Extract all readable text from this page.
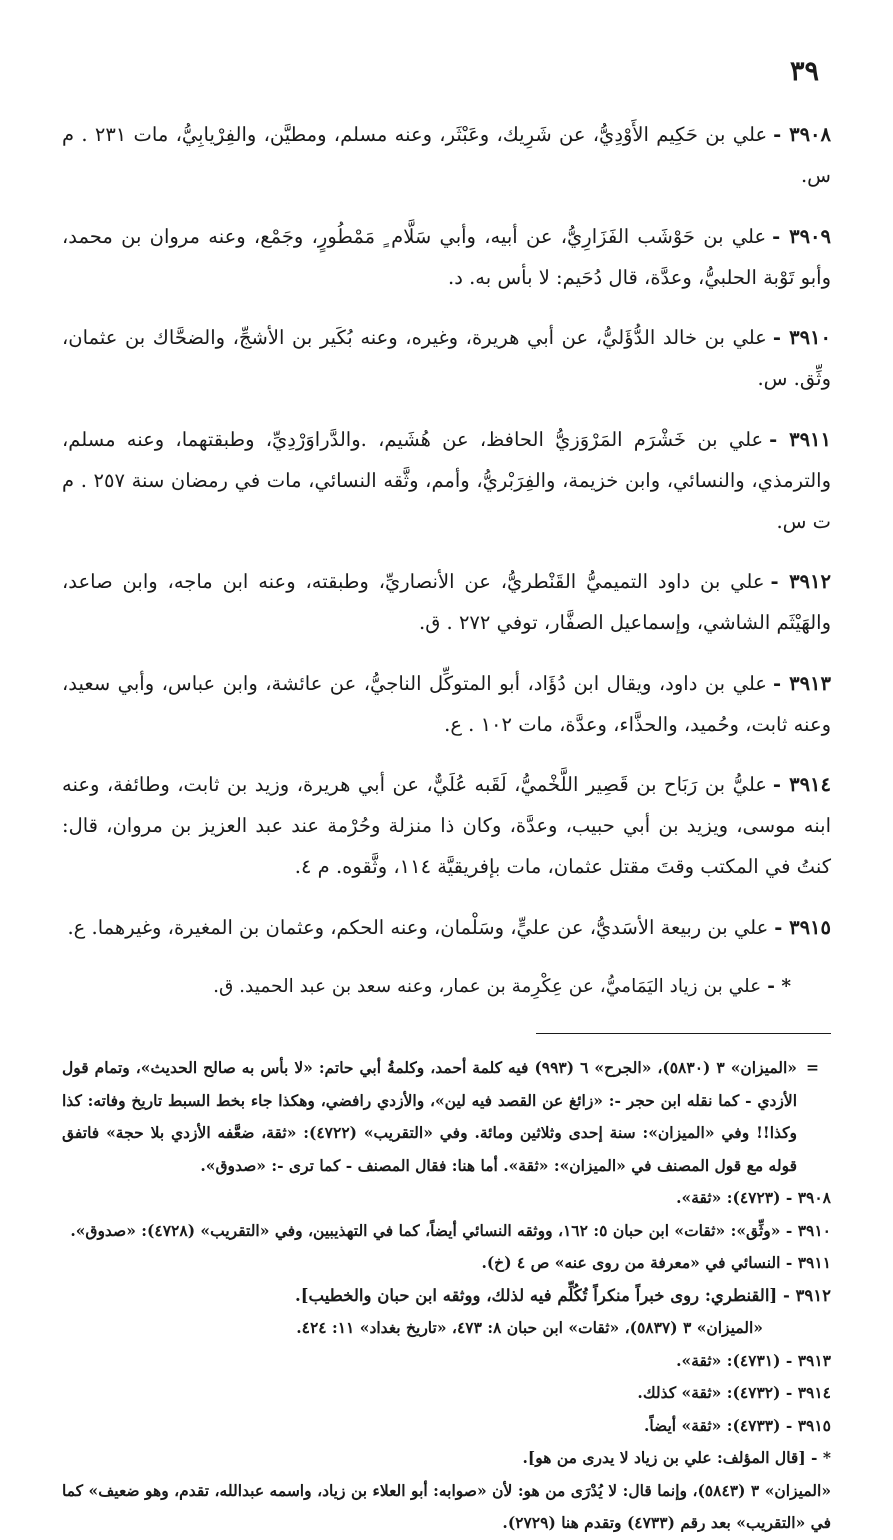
٣٩

٣٩٠٨ -علي بن حَكِيم الأَوْدِيُّ، عن شَرِيك، وعَبْثَر، وعنه مسلم، ومطيَّن، والفِرْيابِيُّ، مات ٢٣١ . م س.

٣٩٠٩ -علي بن حَوْشَب الفَزَارِيُّ، عن أبيه، وأبي سَلَّام ٍ مَمْطُورٍ، وجَمْع، وعنه مروان بن محمد، وأبو تَوْبة الحلبيُّ، وعدَّة، قال دُحَيم: لا بأس به. د.

٣٩١٠ -علي بن خالد الدُّؤَليُّ، عن أبي هريرة، وغيره، وعنه بُكَير بن الأشجِّ، والضحَّاك بن عثمان، وثِّق. س.

٣٩١١ -علي بن خَشْرَم المَرْوَزيُّ الحافظ، عن هُشَيم، .والدَّراوَرْدِيِّ، وطبقتهما، وعنه مسلم، والترمذي، والنسائي، وابن خزيمة، والفِرَبْريُّ، وأمم، وثَّقه النسائي، مات في رمضان سنة ٢٥٧ . م ت س.

٣٩١٢ -علي بن داود التميميُّ القَنْطريُّ، عن الأنصاريِّ، وطبقته، وعنه ابن ماجه، وابن صاعد، والهَيْثَم الشاشي، وإسماعيل الصفَّار، توفي ٢٧٢ . ق.

٣٩١٣ -علي بن داود، ويقال ابن دُؤَاد، أبو المتوكِّل الناجيُّ، عن عائشة، وابن عباس، وأبي سعيد، وعنه ثابت، وحُميد، والحذَّاء، وعدَّة، مات ١٠٢ . ع.

٣٩١٤ -عليُّ بن رَبَاح بن قَصِير اللَّخْميُّ، لَقَبه عُلَيٌّ، عن أبي هريرة، وزيد بن ثابت، وطائفة، وعنه ابنه موسى، ويزيد بن أبي حبيب، وعدَّة، وكان ذا منزلة وحُرْمة عند عبد العزيز بن مروان، قال: كنتُ في المكتب وقتَ مقتل عثمان، مات بإفريقيَّة ١١٤، وثَّقوه. م ٤.

٣٩١٥ -علي بن ربيعة الأسَديُّ، عن عليٍّ، وسَلْمان، وعنه الحكم، وعثمان بن المغيرة، وغيرهما. ع.

* -علي بن زياد اليَمَاميُّ، عن عِكْرِمة بن عمار، وعنه سعد بن عبد الحميد. ق.

=
«الميزان» ٣ (٥٨٣٠)، «الجرح» ٦ (٩٩٣) فيه كلمة أحمد، وكلمةُ أبي حاتم: «لا بأس به صالح الحديث»، وتمام قول الأزدي - كما نقله ابن حجر -: «زائغ عن القصد فيه لين»، والأزدي رافضي، وهكذا جاء بخط السبط تاريخ وفاته: كذا وكذا!! وفي «الميزان»: سنة إحدى وثلاثين ومائة. وفي «التقريب» (٤٧٢٢): «ثقة، ضعَّفه الأزدي بلا حجة» فاتفق قوله مع قول المصنف في «الميزان»: «ثقة». أما هنا: فقال المصنف - كما ترى -: «صدوق».
٣٩٠٨ - (٤٧٢٣): «ثقة».
٣٩١٠ - «وثِّق»: «ثقات» ابن حبان ٥: ١٦٢، ووثقه النسائي أيضاً، كما في التهذيبين، وفي «التقريب» (٤٧٢٨): «صدوق».
٣٩١١ - النسائي في «معرفة من روى عنه» ص ٤ (خ).
٣٩١٢ - [القنطري: روى خبراً منكراً تُكُلِّم فيه لذلك، ووثقه ابن حبان والخطيب].
«الميزان» ٣ (٥٨٣٧)، «ثقات» ابن حبان ٨: ٤٧٣، «تاريخ بغداد» ١١: ٤٢٤.
٣٩١٣ - (٤٧٣١): «ثقة».
٣٩١٤ - (٤٧٣٢): «ثقة» كذلك.
٣٩١٥ - (٤٧٣٣): «ثقة» أيضاً.
* - [قال المؤلف: علي بن زياد لا يدرى من هو].
«الميزان» ٣ (٥٨٤٣)، وإنما قال: لا يُدْرَى من هو: لأن «صوابه: أبو العلاء بن زياد، واسمه عبدالله، تقدم، وهو ضعيف» كما في «التقريب» بعد رقم (٤٧٣٣) وتقدم هنا (٢٧٢٩).
